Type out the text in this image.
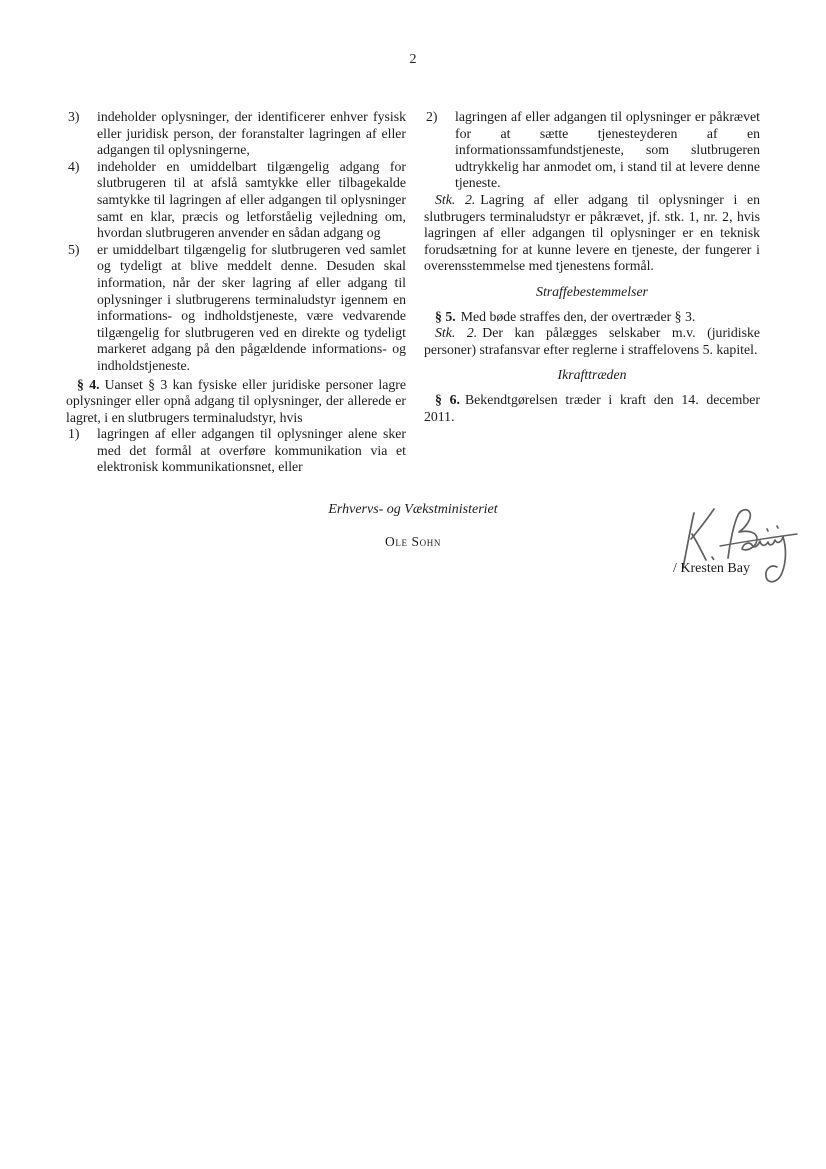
2

3) indeholder oplysninger, der identificerer enhver fysisk eller juridisk person, der foranstalter lagringen af eller adgangen til oplysningerne,

4) indeholder en umiddelbart tilgængelig adgang for slutbrugeren til at afslå samtykke eller tilbagekalde samtykke til lagringen af eller adgangen til oplysninger samt en klar, præcis og letforståelig vejledning om, hvordan slutbrugeren anvender en sådan adgang og

5) er umiddelbart tilgængelig for slutbrugeren ved samlet og tydeligt at blive meddelt denne. Desuden skal information, når der sker lagring af eller adgang til oplysninger i slutbrugerens terminaludstyr igennem en informations- og indholdstjeneste, være vedvarende tilgængelig for slutbrugeren ved en direkte og tydeligt markeret adgang på den pågældende informations- og indholdstjeneste.

§ 4. Uanset § 3 kan fysiske eller juridiske personer lagre oplysninger eller opnå adgang til oplysninger, der allerede er lagret, i en slutbrugers terminaludstyr, hvis

1) lagringen af eller adgangen til oplysninger alene sker med det formål at overføre kommunikation via et elektronisk kommunikationsnet, eller

2) lagringen af eller adgangen til oplysninger er påkrævet for at sætte tjenesteyderen af en informationssamfundstjeneste, som slutbrugeren udtrykkelig har anmodet om, i stand til at levere denne tjeneste.

Stk. 2. Lagring af eller adgang til oplysninger i en slutbrugers terminaludstyr er påkrævet, jf. stk. 1, nr. 2, hvis lagringen af eller adgangen til oplysninger er en teknisk forudsætning for at kunne levere en tjeneste, der fungerer i overensstemmelse med tjenestens formål.

Straffebestemmelser

§ 5. Med bøde straffes den, der overtræder § 3.

Stk. 2. Der kan pålægges selskaber m.v. (juridiske personer) strafansvar efter reglerne i straffelovens 5. kapitel.

Ikrafttræden

§ 6. Bekendtgørelsen træder i kraft den 14. december 2011.

Erhvervs- og Vækstministeriet
Ole Sohn
/ Kresten Bay
